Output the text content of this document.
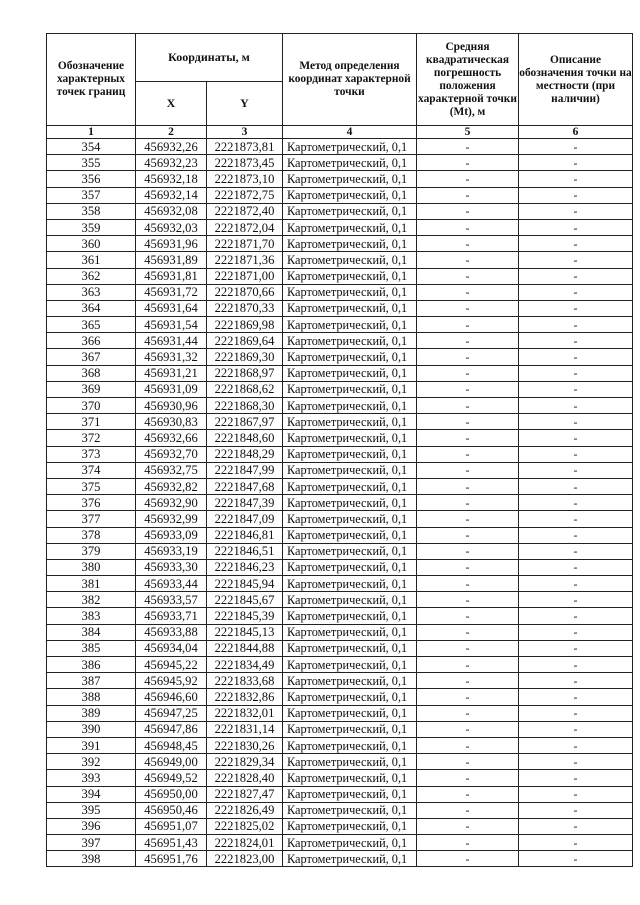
Обозначение характерных точек границ	Координаты, м		Метод определения координат характерной точки	Средняя квадратическая погрешность положения характерной точки (Mt), м	Описание обозначения точки на местности (при наличии)
	X	Y			
1	2	3	4	5	6
354	456932,26	2221873,81	Картометрический, 0,1	-	-
355	456932,23	2221873,45	Картометрический, 0,1	-	-
356	456932,18	2221873,10	Картометрический, 0,1	-	-
357	456932,14	2221872,75	Картометрический, 0,1	-	-
358	456932,08	2221872,40	Картометрический, 0,1	-	-
359	456932,03	2221872,04	Картометрический, 0,1	-	-
360	456931,96	2221871,70	Картометрический, 0,1	-	-
361	456931,89	2221871,36	Картометрический, 0,1	-	-
362	456931,81	2221871,00	Картометрический, 0,1	-	-
363	456931,72	2221870,66	Картометрический, 0,1	-	-
364	456931,64	2221870,33	Картометрический, 0,1	-	-
365	456931,54	2221869,98	Картометрический, 0,1	-	-
366	456931,44	2221869,64	Картометрический, 0,1	-	-
367	456931,32	2221869,30	Картометрический, 0,1	-	-
368	456931,21	2221868,97	Картометрический, 0,1	-	-
369	456931,09	2221868,62	Картометрический, 0,1	-	-
370	456930,96	2221868,30	Картометрический, 0,1	-	-
371	456930,83	2221867,97	Картометрический, 0,1	-	-
372	456932,66	2221848,60	Картометрический, 0,1	-	-
373	456932,70	2221848,29	Картометрический, 0,1	-	-
374	456932,75	2221847,99	Картометрический, 0,1	-	-
375	456932,82	2221847,68	Картометрический, 0,1	-	-
376	456932,90	2221847,39	Картометрический, 0,1	-	-
377	456932,99	2221847,09	Картометрический, 0,1	-	-
378	456933,09	2221846,81	Картометрический, 0,1	-	-
379	456933,19	2221846,51	Картометрический, 0,1	-	-
380	456933,30	2221846,23	Картометрический, 0,1	-	-
381	456933,44	2221845,94	Картометрический, 0,1	-	-
382	456933,57	2221845,67	Картометрический, 0,1	-	-
383	456933,71	2221845,39	Картометрический, 0,1	-	-
384	456933,88	2221845,13	Картометрический, 0,1	-	-
385	456934,04	2221844,88	Картометрический, 0,1	-	-
386	456945,22	2221834,49	Картометрический, 0,1	-	-
387	456945,92	2221833,68	Картометрический, 0,1	-	-
388	456946,60	2221832,86	Картометрический, 0,1	-	-
389	456947,25	2221832,01	Картометрический, 0,1	-	-
390	456947,86	2221831,14	Картометрический, 0,1	-	-
391	456948,45	2221830,26	Картометрический, 0,1	-	-
392	456949,00	2221829,34	Картометрический, 0,1	-	-
393	456949,52	2221828,40	Картометрический, 0,1	-	-
394	456950,00	2221827,47	Картометрический, 0,1	-	-
395	456950,46	2221826,49	Картометрический, 0,1	-	-
396	456951,07	2221825,02	Картометрический, 0,1	-	-
397	456951,43	2221824,01	Картометрический, 0,1	-	-
398	456951,76	2221823,00	Картометрический, 0,1	-	-
